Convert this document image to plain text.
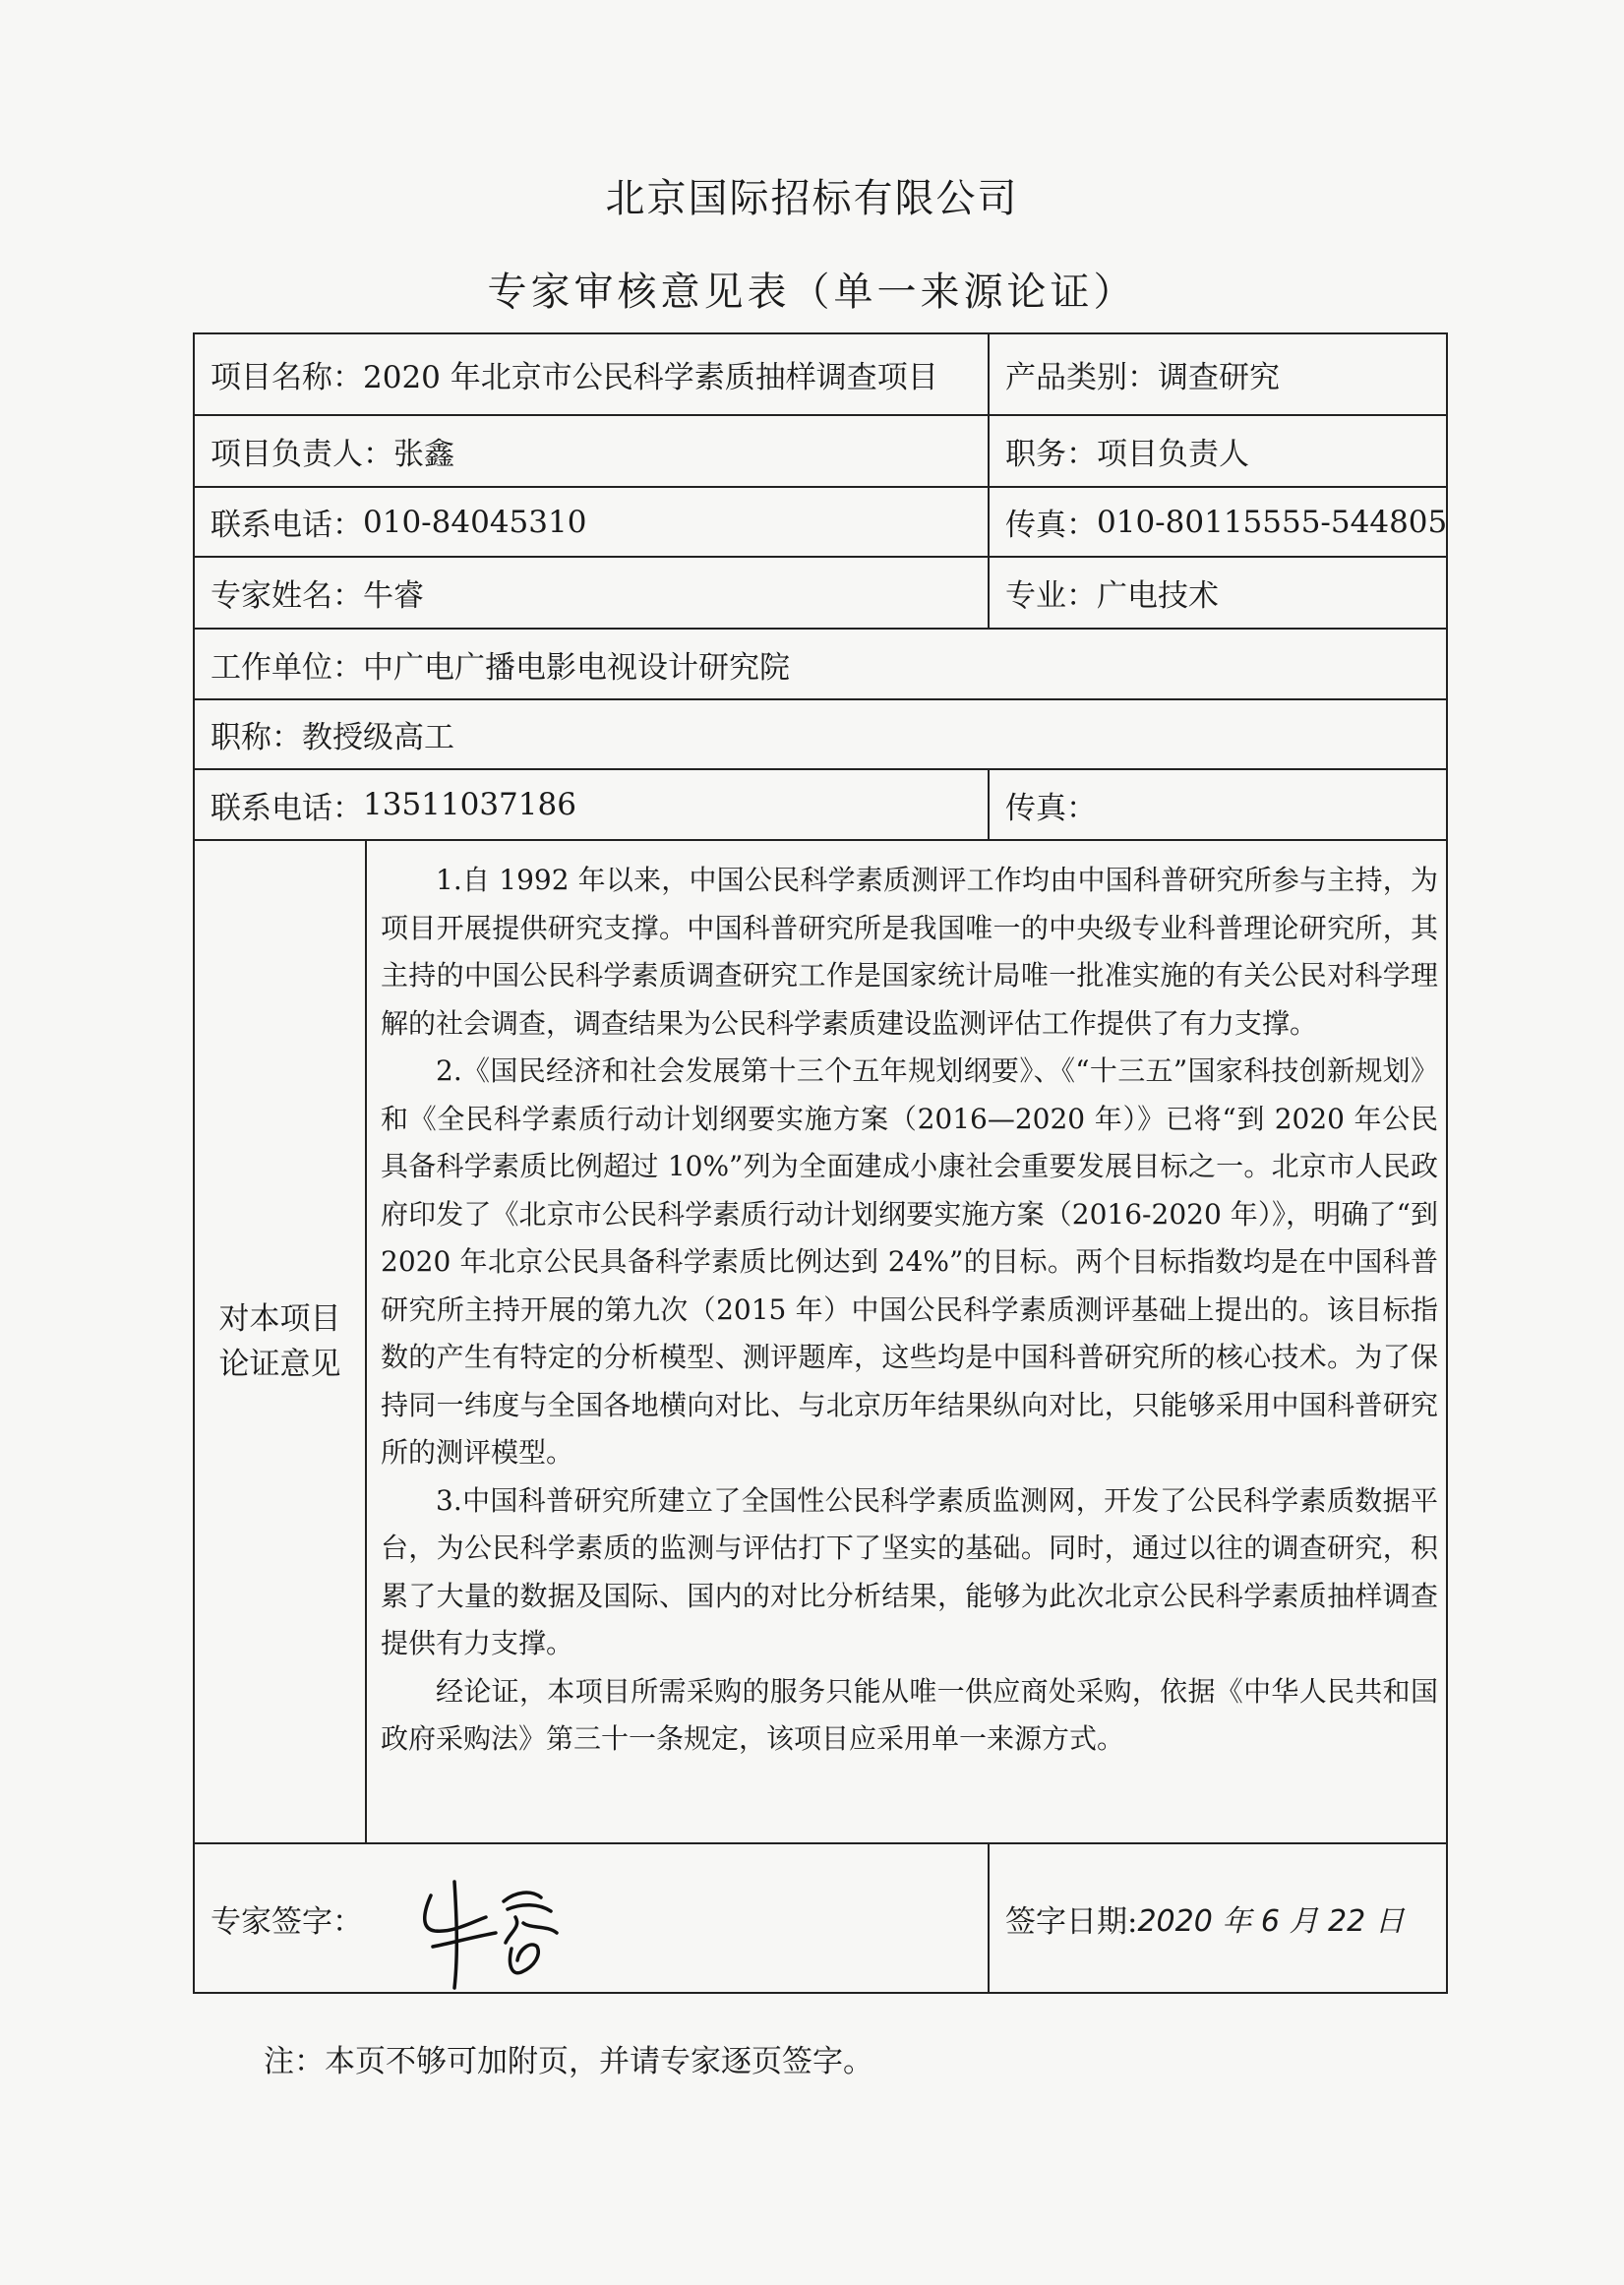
北京国际招标有限公司
专家审核意见表（单一来源论证）
项目名称： 2020 年北京市公民科学素质抽样调查项目 产品类别： 调查研究
项目负责人： 张鑫	职务： 项目负责人
联系电话： 010-84045310	传真： 010-80115555-544805
专家姓名： 牛睿	专业： 广电技术
工作单位： 中广电广播电影电视设计研究院
职称： 教授级高工
联系电话： 13511037186	传真：
对本项目论证意见

1.自 1992 年以来，中国公民科学素质测评工作均由中国科普研究所参与主持，为项目开展提供研究支撑。中国科普研究所是我国唯一的中央级专业科普理论研究所，其主持的中国公民科学素质调查研究工作是国家统计局唯一批准实施的有关公民对科学理解的社会调查，调查结果为公民科学素质建设监测评估工作提供了有力支撑。

2.《国民经济和社会发展第十三个五年规划纲要》、《“十三五”国家科技创新规划》和《全民科学素质行动计划纲要实施方案（2016—2020 年）》已将“到 2020 年公民具备科学素质比例超过 10%”列为全面建成小康社会重要发展目标之一。北京市人民政府印发了《北京市公民科学素质行动计划纲要实施方案（2016-2020 年）》，明确了“到 2020 年北京公民具备科学素质比例达到 24%”的目标。两个目标指数均是在中国科普研究所主持开展的第九次（2015 年）中国公民科学素质测评基础上提出的。该目标指数的产生有特定的分析模型、测评题库，这些均是中国科普研究所的核心技术。为了保持同一纬度与全国各地横向对比、与北京历年结果纵向对比，只能够采用中国科普研究所的测评模型。

3.中国科普研究所建立了全国性公民科学素质监测网，开发了公民科学素质数据平台，为公民科学素质的监测与评估打下了坚实的基础。同时，通过以往的调查研究，积累了大量的数据及国际、国内的对比分析结果，能够为此次北京公民科学素质抽样调查提供有力支撑。

经论证，本项目所需采购的服务只能从唯一供应商处采购，依据《中华人民共和国政府采购法》第三十一条规定，该项目应采用单一来源方式。

专家签字：	签字日期: 2020 年 6 月 22 日
注：本页不够可加附页，并请专家逐页签字。
